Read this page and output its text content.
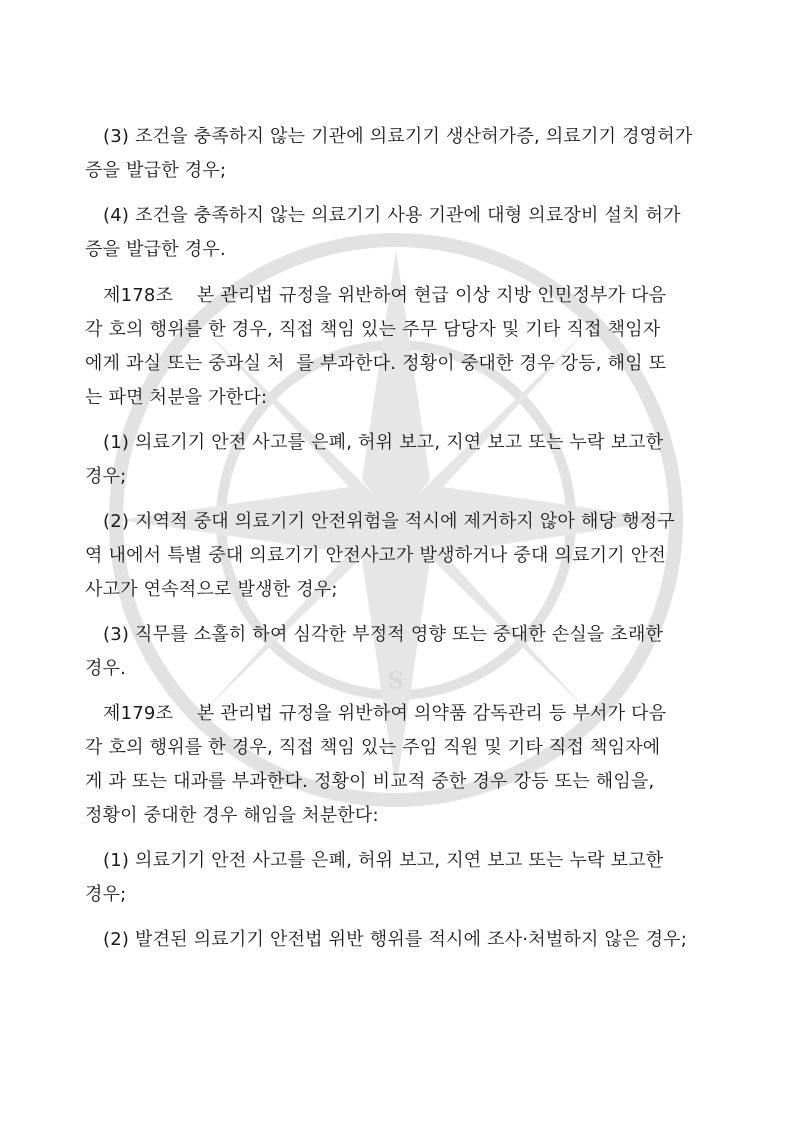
S
(3) 조건을 충족하지 않는 기관에 의료기기 생산허가증, 의료기기 경영허가
증을 발급한 경우;
(4) 조건을 충족하지 않는 의료기기 사용 기관에 대형 의료장비 설치 허가
증을 발급한 경우.
제178조    본 관리법 규정을 위반하여 현급 이상 지방 인민정부가 다음
각 호의 행위를 한 경우, 직접 책임 있는 주무 담당자 및 기타 직접 책임자
에게 과실 또는 중과실 처  를 부과한다. 정황이 중대한 경우 강등, 해임 또
는 파면 처분을 가한다:
(1) 의료기기 안전 사고를 은폐, 허위 보고, 지연 보고 또는 누락 보고한
경우;
(2) 지역적 중대 의료기기 안전위험을 적시에 제거하지 않아 해당 행정구
역 내에서 특별 중대 의료기기 안전사고가 발생하거나 중대 의료기기 안전
사고가 연속적으로 발생한 경우;
(3) 직무를 소홀히 하여 심각한 부정적 영향 또는 중대한 손실을 초래한
경우.
제179조    본 관리법 규정을 위반하여 의약품 감독관리 등 부서가 다음
각 호의 행위를 한 경우, 직접 책임 있는 주임 직원 및 기타 직접 책임자에
게 과 또는 대과를 부과한다. 정황이 비교적 중한 경우 강등 또는 해임을,
정황이 중대한 경우 해임을 처분한다:
(1) 의료기기 안전 사고를 은폐, 허위 보고, 지연 보고 또는 누락 보고한
경우;
(2) 발견된 의료기기 안전법 위반 행위를 적시에 조사·처벌하지 않은 경우;
